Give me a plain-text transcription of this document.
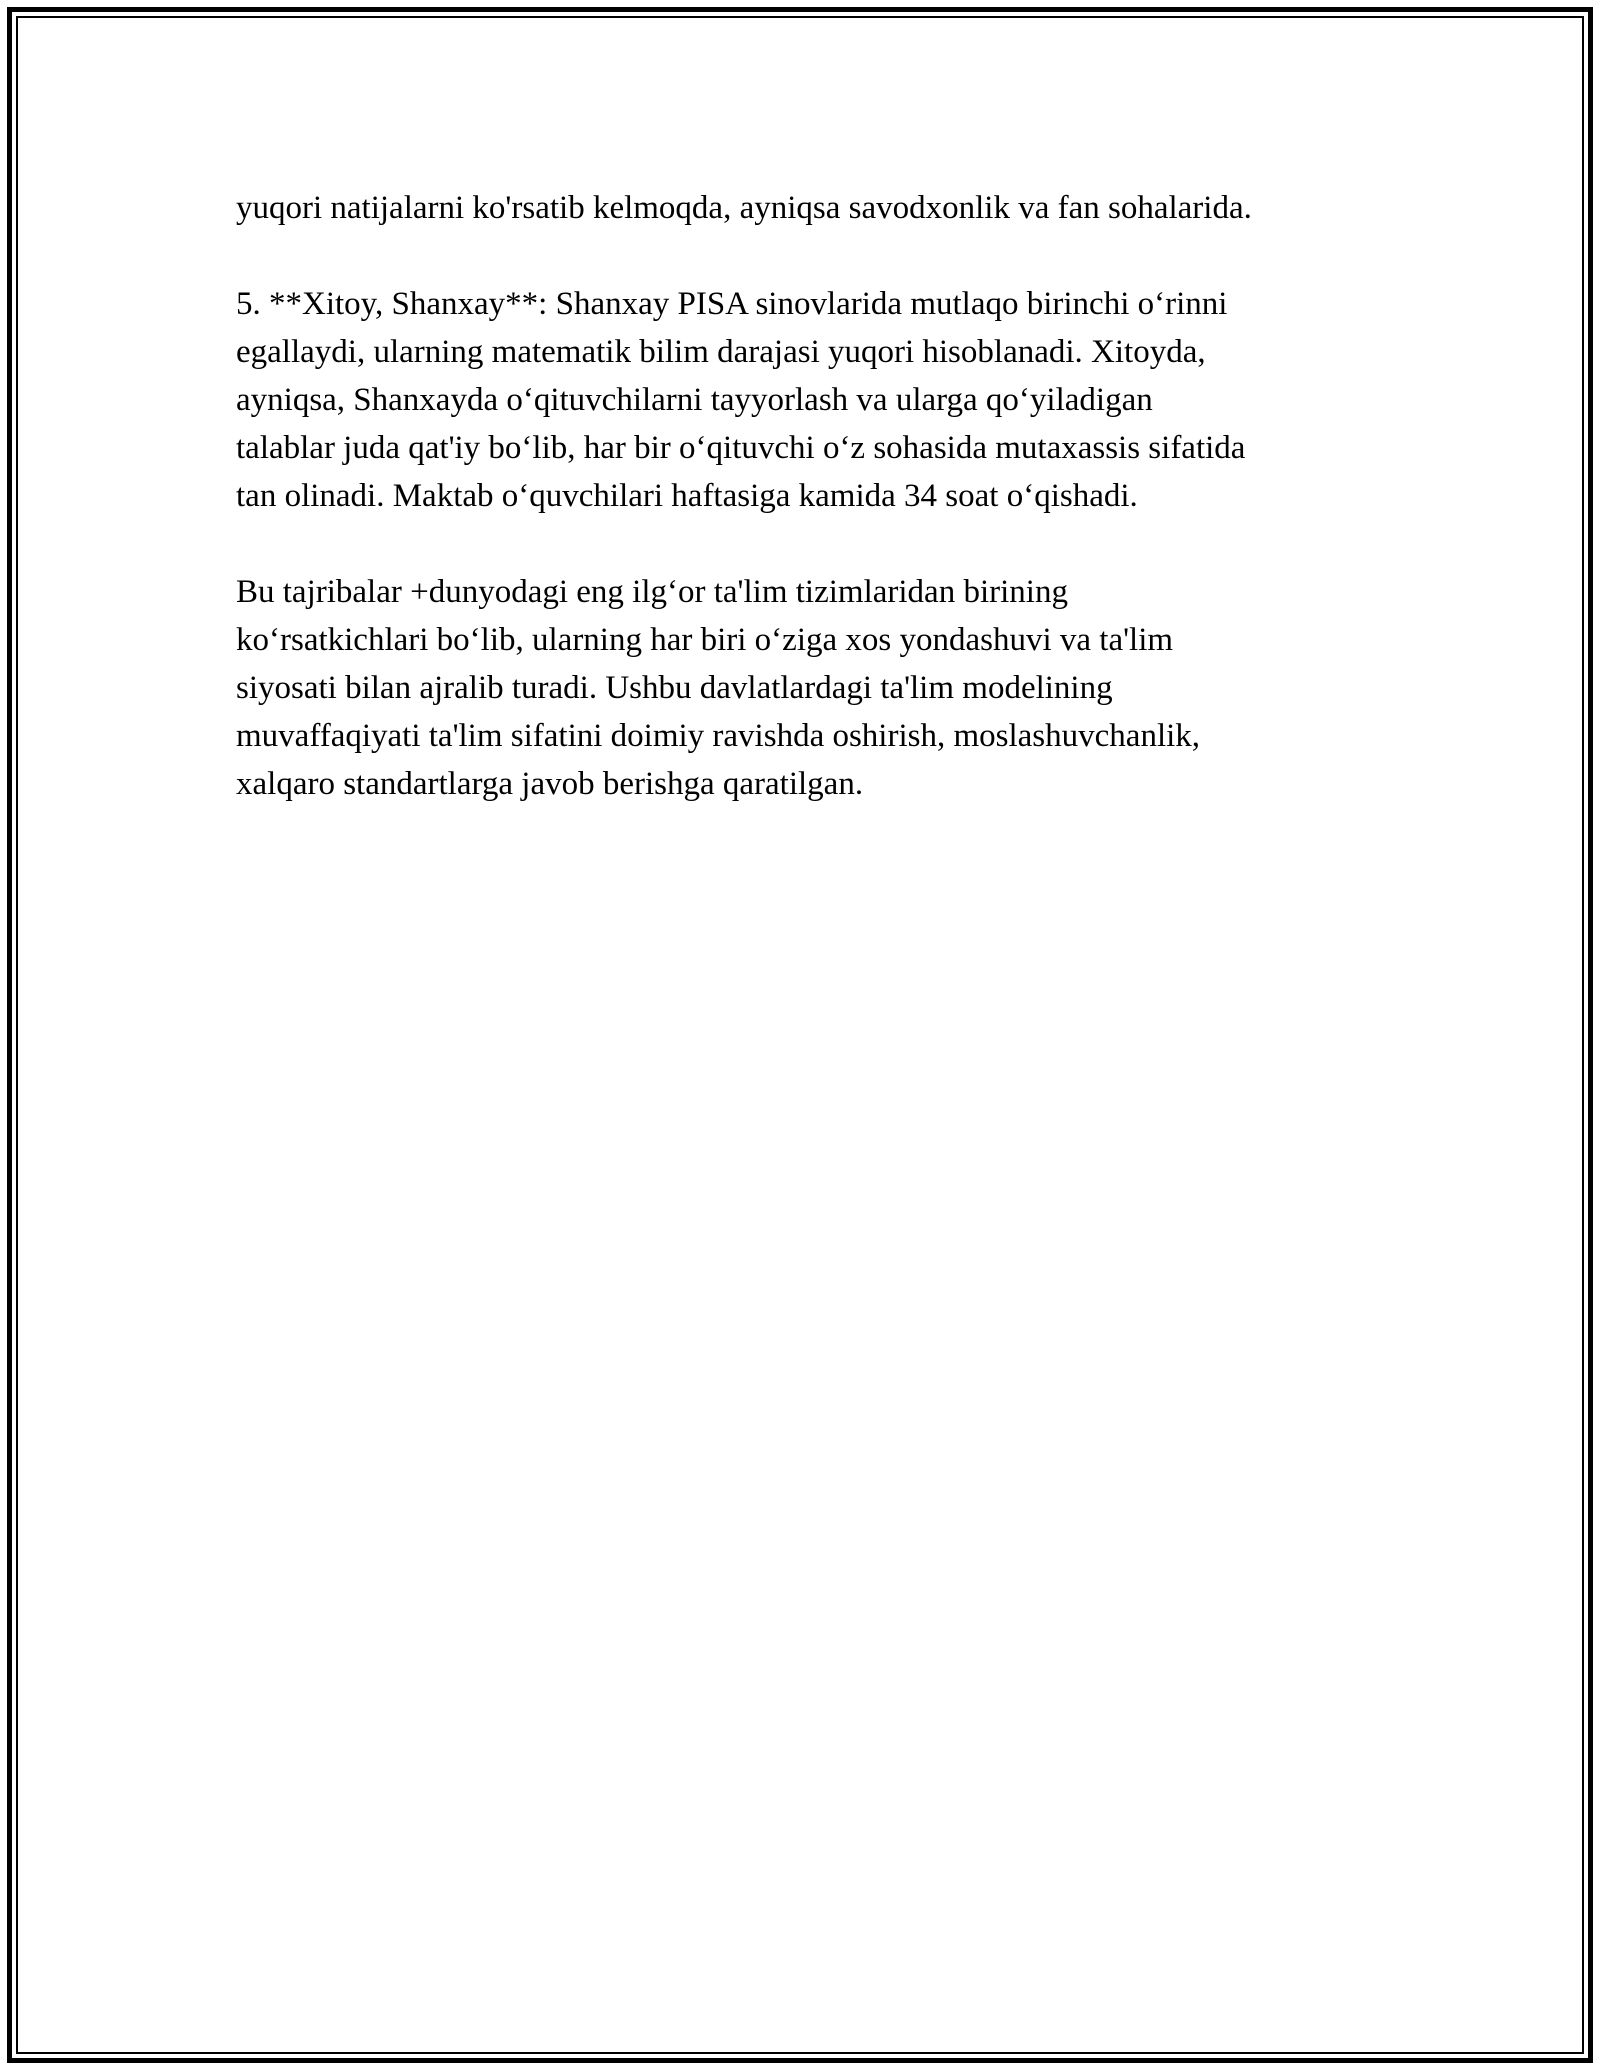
yuqori natijalarni ko'rsatib kelmoqda, ayniqsa savodxonlik va fan sohalarida.

5. **Xitoy, Shanxay**: Shanxay PISA sinovlarida mutlaqo birinchi o‘rinni
egallaydi, ularning matematik bilim darajasi yuqori hisoblanadi. Xitoyda,
ayniqsa, Shanxayda o‘qituvchilarni tayyorlash va ularga qo‘yiladigan
talablar juda qat'iy bo‘lib, har bir o‘qituvchi o‘z sohasida mutaxassis sifatida
tan olinadi. Maktab o‘quvchilari haftasiga kamida 34 soat o‘qishadi.

Bu tajribalar +dunyodagi eng ilg‘or ta'lim tizimlaridan birining
ko‘rsatkichlari bo‘lib, ularning har biri o‘ziga xos yondashuvi va ta'lim
siyosati bilan ajralib turadi. Ushbu davlatlardagi ta'lim modelining
muvaffaqiyati ta'lim sifatini doimiy ravishda oshirish, moslashuvchanlik,
xalqaro standartlarga javob berishga qaratilgan.
